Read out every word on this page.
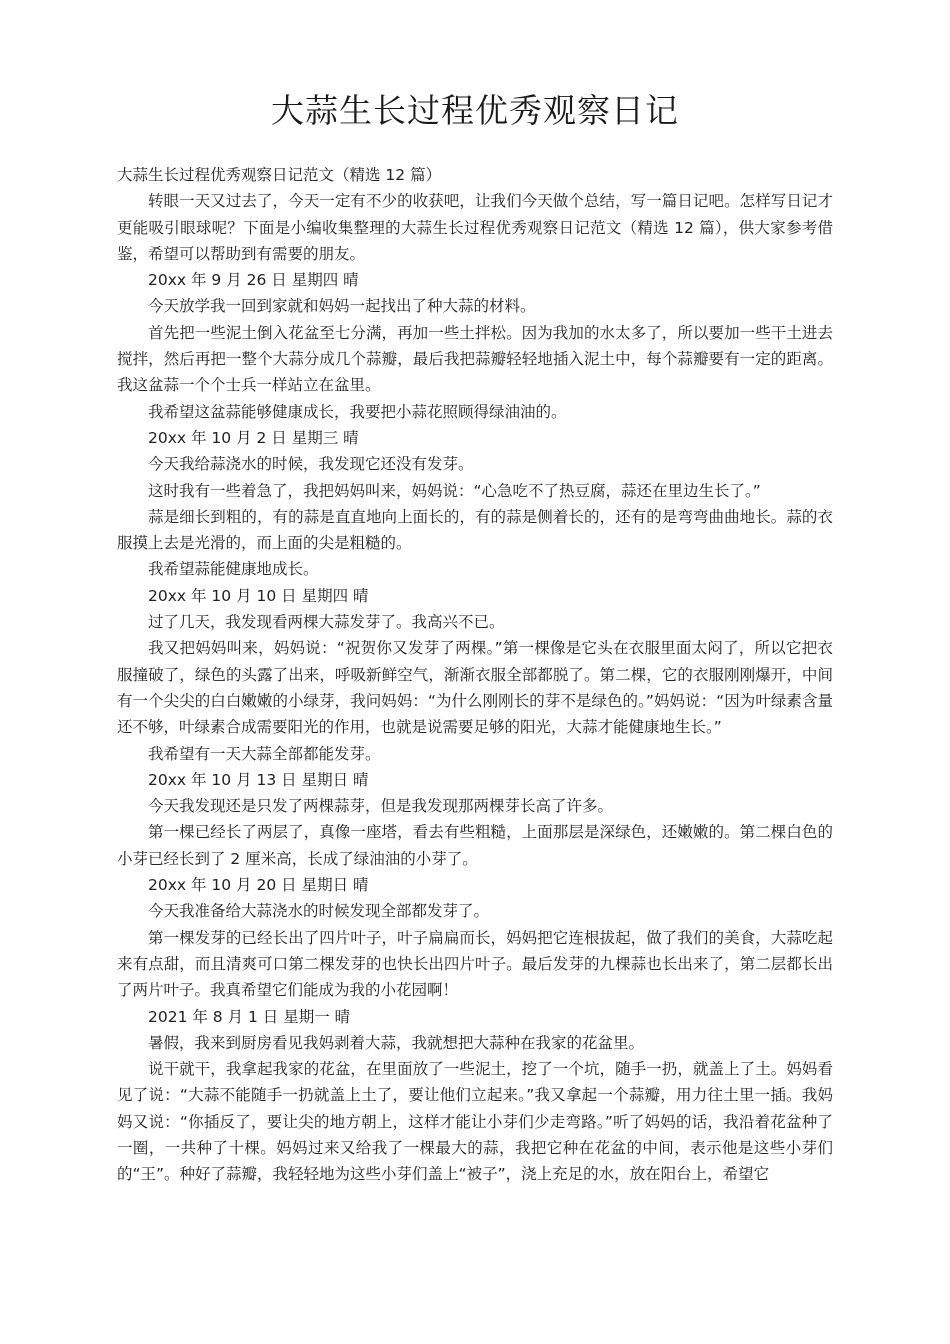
大蒜生长过程优秀观察日记

大蒜生长过程优秀观察日记范文（精选 12 篇）

转眼一天又过去了，今天一定有不少的收获吧，让我们今天做个总结，写一篇日记吧。怎样写日记才更能吸引眼球呢？下面是小编收集整理的大蒜生长过程优秀观察日记范文（精选 12 篇），供大家参考借鉴，希望可以帮助到有需要的朋友。

20xx 年 9 月 26 日 星期四 晴

今天放学我一回到家就和妈妈一起找出了种大蒜的材料。

首先把一些泥土倒入花盆至七分满，再加一些土拌松。因为我加的水太多了，所以要加一些干土进去搅拌，然后再把一整个大蒜分成几个蒜瓣，最后我把蒜瓣轻轻地插入泥土中，每个蒜瓣要有一定的距离。我这盆蒜一个个士兵一样站立在盆里。

我希望这盆蒜能够健康成长，我要把小蒜花照顾得绿油油的。

20xx 年 10 月 2 日 星期三 晴

今天我给蒜浇水的时候，我发现它还没有发芽。

这时我有一些着急了，我把妈妈叫来，妈妈说：“心急吃不了热豆腐，蒜还在里边生长了。”

蒜是细长到粗的，有的蒜是直直地向上面长的，有的蒜是侧着长的，还有的是弯弯曲曲地长。蒜的衣服摸上去是光滑的，而上面的尖是粗糙的。

我希望蒜能健康地成长。

20xx 年 10 月 10 日 星期四 晴

过了几天，我发现看两棵大蒜发芽了。我高兴不已。

我又把妈妈叫来，妈妈说：“祝贺你又发芽了两棵。”第一棵像是它头在衣服里面太闷了，所以它把衣服撞破了，绿色的头露了出来，呼吸新鲜空气，渐渐衣服全部都脱了。第二棵，它的衣服刚刚爆开，中间有一个尖尖的白白嫩嫩的小绿芽，我问妈妈：“为什么刚刚长的芽不是绿色的。”妈妈说：“因为叶绿素含量还不够，叶绿素合成需要阳光的作用，也就是说需要足够的阳光，大蒜才能健康地生长。”

我希望有一天大蒜全部都能发芽。

20xx 年 10 月 13 日 星期日 晴

今天我发现还是只发了两棵蒜芽，但是我发现那两棵芽长高了许多。

第一棵已经长了两层了，真像一座塔，看去有些粗糙，上面那层是深绿色，还嫩嫩的。第二棵白色的小芽已经长到了 2 厘米高，长成了绿油油的小芽了。

20xx 年 10 月 20 日 星期日 晴

今天我准备给大蒜浇水的时候发现全部都发芽了。

第一棵发芽的已经长出了四片叶子，叶子扁扁而长，妈妈把它连根拔起，做了我们的美食，大蒜吃起来有点甜，而且清爽可口第二棵发芽的也快长出四片叶子。最后发芽的九棵蒜也长出来了，第二层都长出了两片叶子。我真希望它们能成为我的小花园啊！

2021 年 8 月 1 日 星期一 晴

暑假，我来到厨房看见我妈剥着大蒜，我就想把大蒜种在我家的花盆里。

说干就干，我拿起我家的花盆，在里面放了一些泥土，挖了一个坑，随手一扔，就盖上了土。妈妈看见了说：“大蒜不能随手一扔就盖上土了，要让他们立起来。”我又拿起一个蒜瓣，用力往土里一插。我妈妈又说：“你插反了，要让尖的地方朝上，这样才能让小芽们少走弯路。”听了妈妈的话，我沿着花盆种了一圈，一共种了十棵。妈妈过来又给我了一棵最大的蒜，我把它种在花盆的中间，表示他是这些小芽们的“王”。种好了蒜瓣，我轻轻地为这些小芽们盖上“被子”，浇上充足的水，放在阳台上，希望它
